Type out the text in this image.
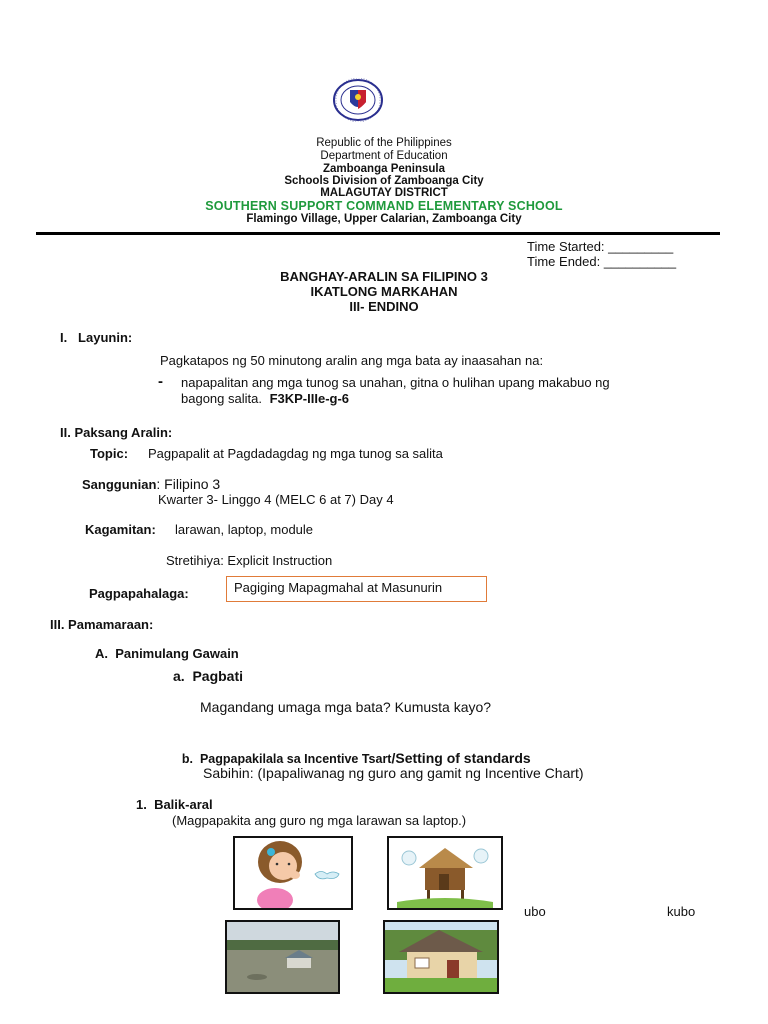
Republic of the Philippines
Department of Education
Zamboanga Peninsula
Schools Division of Zamboanga City
MALAGUTAY DISTRICT
SOUTHERN SUPPORT COMMAND ELEMENTARY SCHOOL
Flamingo Village, Upper Calarian, Zamboanga City
Time Started: _________
Time Ended: __________
BANGHAY-ARALIN SA FILIPINO 3
IKATLONG MARKAHAN
III- ENDINO
I.   Layunin:
Pagkatapos ng 50 minutong aralin ang mga bata ay inaasahan na:
- napapalitan ang mga tunog sa unahan, gitna o hulihan upang makabuo ng
bagong salita. F3KP-IIIe-g-6
II. Paksang Aralin:
Topic: Pagpapalit at Pagdadagdag ng mga tunog sa salita
Sanggunian: Filipino 3
Kwarter 3- Linggo 4 (MELC 6 at 7) Day 4
Kagamitan: larawan, laptop, module
Stretihiya: Explicit Instruction
Pagpapahalaga:	Pagiging Mapagmahal at Masunurin
III. Pamamaraan:
A.  Panimulang Gawain
a.  Pagbati
Magandang umaga mga bata? Kumusta kayo?

b.  Pagpapakilala sa Incentive Tsart/Setting of standards

Sabihin: (Ipapaliwanag ng guro ang gamit ng Incentive Chart)
1.  Balik-aral
(Magpapakita ang guro ng mga larawan sa laptop.)
ubo	kubo
